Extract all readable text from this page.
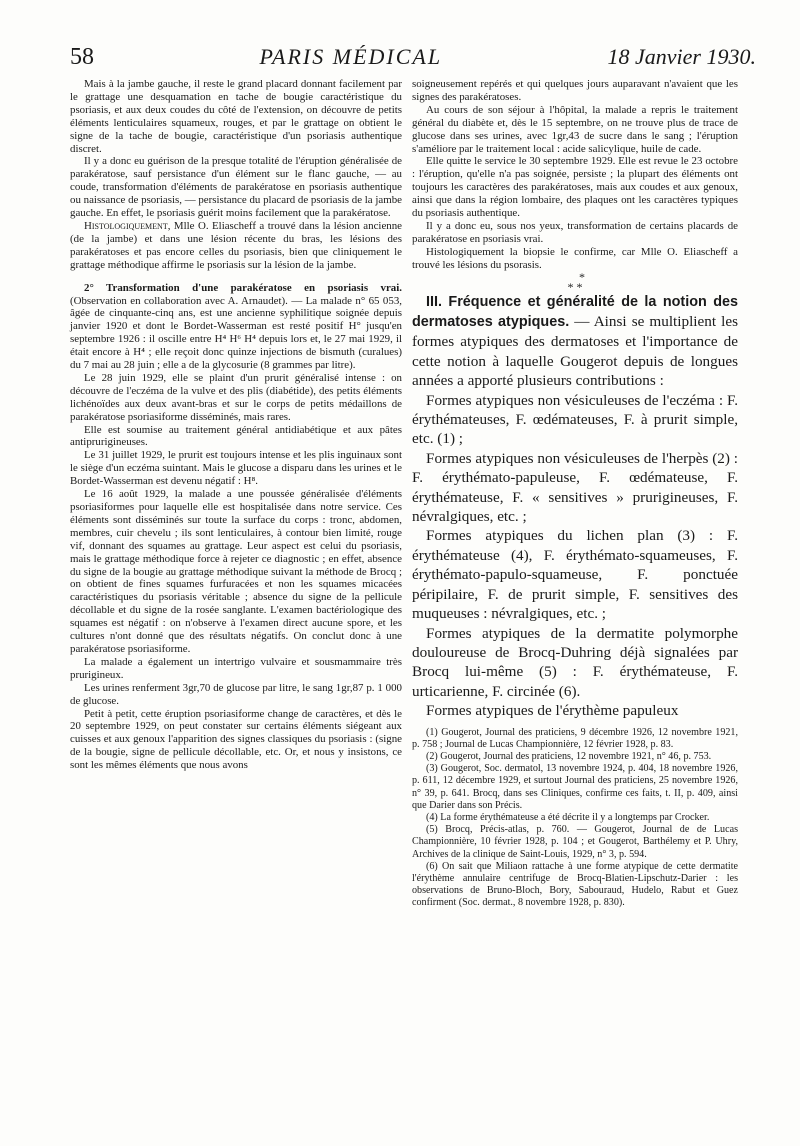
58	PARIS MÉDICAL	18 Janvier 1930.

Mais à la jambe gauche, il reste le grand placard donnant facilement par le grattage une desquamation en tache de bougie caractéristique du psoriasis, et aux deux coudes du côté de l'extension, on découvre de petits éléments lenticulaires squameux, rouges, et par le grattage on obtient le signe de la tache de bougie, caractéristique d'un psoriasis authentique discret.

Il y a donc eu guérison de la presque totalité de l'éruption généralisée de parakératose, sauf persistance d'un élément sur le flanc gauche, — au coude, transformation d'éléments de parakératose en psoriasis authentique ou naissance de psoriasis, — persistance du placard de psoriasis de la jambe gauche. En effet, le psoriasis guérit moins facilement que la parakératose.

Histologiquement, Mlle O. Eliascheff a trouvé dans la lésion ancienne (de la jambe) et dans une lésion récente du bras, les lésions des parakératoses et pas encore celles du psoriasis, bien que cliniquement le grattage méthodique affirme le psoriasis sur la lésion de la jambe.

2° Transformation d'une parakératose en psoriasis vrai. (Observation en collaboration avec A. Arnaudet). — La malade n° 65 053, âgée de cinquante-cinq ans, est une ancienne syphilitique soignée depuis janvier 1920 et dont le Bordet-Wasserman est resté positif H° jusqu'en septembre 1926 : il oscille entre H⁴ H⁶ H⁴ depuis lors et, le 27 mai 1929, il était encore à H⁴ ; elle reçoit donc quinze injections de bismuth (curalues) du 7 mai au 28 juin ; elle a de la glycosurie (8 grammes par litre).

Le 28 juin 1929, elle se plaint d'un prurit généralisé intense : on découvre de l'eczéma de la vulve et des plis (diabétide), des petits éléments lichénoïdes aux deux avant-bras et sur le corps de petits médaillons de parakératose psoriasiforme disséminés, mais rares.

Elle est soumise au traitement général antidiabétique et aux pâtes antiprurigineuses.

Le 31 juillet 1929, le prurit est toujours intense et les plis inguinaux sont le siège d'un eczéma suintant. Mais le glucose a disparu dans les urines et le Bordet-Wasserman est devenu négatif : H⁸.

Le 16 août 1929, la malade a une poussée généralisée d'éléments psoriasiformes pour laquelle elle est hospitalisée dans notre service. Ces éléments sont disséminés sur toute la surface du corps : tronc, abdomen, membres, cuir chevelu ; ils sont lenticulaires, à contour bien limité, rouge vif, donnant des squames au grattage. Leur aspect est celui du psoriasis, mais le grattage méthodique force à rejeter ce diagnostic ; en effet, absence du signe de la bougie au grattage méthodique suivant la méthode de Brocq ; on obtient de fines squames furfuracées et non les squames micacées caractéristiques du psoriasis véritable ; absence du signe de la pellicule décollable et du signe de la rosée sanglante. L'examen bactériologique des squames est négatif : on n'observe à l'examen direct aucune spore, et les cultures n'ont donné que des résultats négatifs. On conclut donc à une parakératose psoriasiforme.

La malade a également un intertrigo vulvaire et sousmammaire très prurigineux.

Les urines renferment 3gr,70 de glucose par litre, le sang 1gr,87 p. 1 000 de glucose.

Petit à petit, cette éruption psoriasiforme change de caractères, et dès le 20 septembre 1929, on peut constater sur certains éléments siégeant aux cuisses et aux genoux l'apparition des signes classiques du psoriasis : (signe de la bougie, signe de pellicule décollable, etc. Or, et nous y insistons, ce sont les mêmes éléments que nous avons

soigneusement repérés et qui quelques jours auparavant n'avaient que les signes des parakératoses.

Au cours de son séjour à l'hôpital, la malade a repris le traitement général du diabète et, dès le 15 septembre, on ne trouve plus de trace de glucose dans ses urines, avec 1gr,43 de sucre dans le sang ; l'éruption s'améliore par le traitement local : acide salicylique, huile de cade.

Elle quitte le service le 30 septembre 1929. Elle est revue le 23 octobre : l'éruption, qu'elle n'a pas soignée, persiste ; la plupart des éléments ont toujours les caractères des parakératoses, mais aux coudes et aux genoux, ainsi que dans la région lombaire, des plaques ont les caractères typiques du psoriasis authentique.

Il y a donc eu, sous nos yeux, transformation de certains placards de parakératose en psoriasis vrai.

Histologiquement la biopsie le confirme, car Mlle O. Eliascheff a trouvé les lésions du psorasis.

*
* *

III. Fréquence et généralité de la notion des dermatoses atypiques. — Ainsi se multiplient les formes atypiques des dermatoses et l'importance de cette notion à laquelle Gougerot depuis de longues années a apporté plusieurs contributions :

Formes atypiques non vésiculeuses de l'eczéma : F. érythémateuses, F. œdémateuses, F. à prurit simple, etc. (1) ;

Formes atypiques non vésiculeuses de l'herpès (2) : F. érythémato-papuleuse, F. œdémateuse, F. érythémateuse, F. « sensitives » prurigineuses, F. névralgiques, etc. ;

Formes atypiques du lichen plan (3) : F. érythémateuse (4), F. érythémato-squameuses, F. érythémato-papulo-squameuse, F. ponctuée péripilaire, F. de prurit simple, F. sensitives des muqueuses : névralgiques, etc. ;

Formes atypiques de la dermatite polymorphe douloureuse de Brocq-Duhring déjà signalées par Brocq lui-même (5) : F. érythémateuse, F. urticarienne, F. circinée (6).

Formes atypiques de l'érythème papuleux

(1) Gougerot, Journal des praticiens, 9 décembre 1926, 12 novembre 1921, p. 758 ; Journal de Lucas Championnière, 12 février 1928, p. 83.

(2) Gougerot, Journal des praticiens, 12 novembre 1921, n° 46, p. 753.

(3) Gougerot, Soc. dermatol, 13 novembre 1924, p. 404, 18 novembre 1926, p. 611, 12 décembre 1929, et surtout Journal des praticiens, 25 novembre 1926, n° 39, p. 641. Brocq, dans ses Cliniques, confirme ces faits, t. II, p. 409, ainsi que Darier dans son Précis.

(4) La forme érythémateuse a été décrite il y a longtemps par Crocker.

(5) Brocq, Précis-atlas, p. 760. — Gougerot, Journal de de Lucas Championnière, 10 février 1928, p. 104 ; et Gougerot, Barthélemy et P. Uhry, Archives de la clinique de Saint-Louis, 1929, n° 3, p. 594.

(6) On sait que Miliaon rattache à une forme atypique de cette dermatite l'érythème annulaire centrifuge de Brocq-Blatien-Lipschutz-Darier : les observations de Bruno-Bloch, Bory, Sabouraud, Hudelo, Rabut et Guez confirment (Soc. dermat., 8 novembre 1928, p. 830).
